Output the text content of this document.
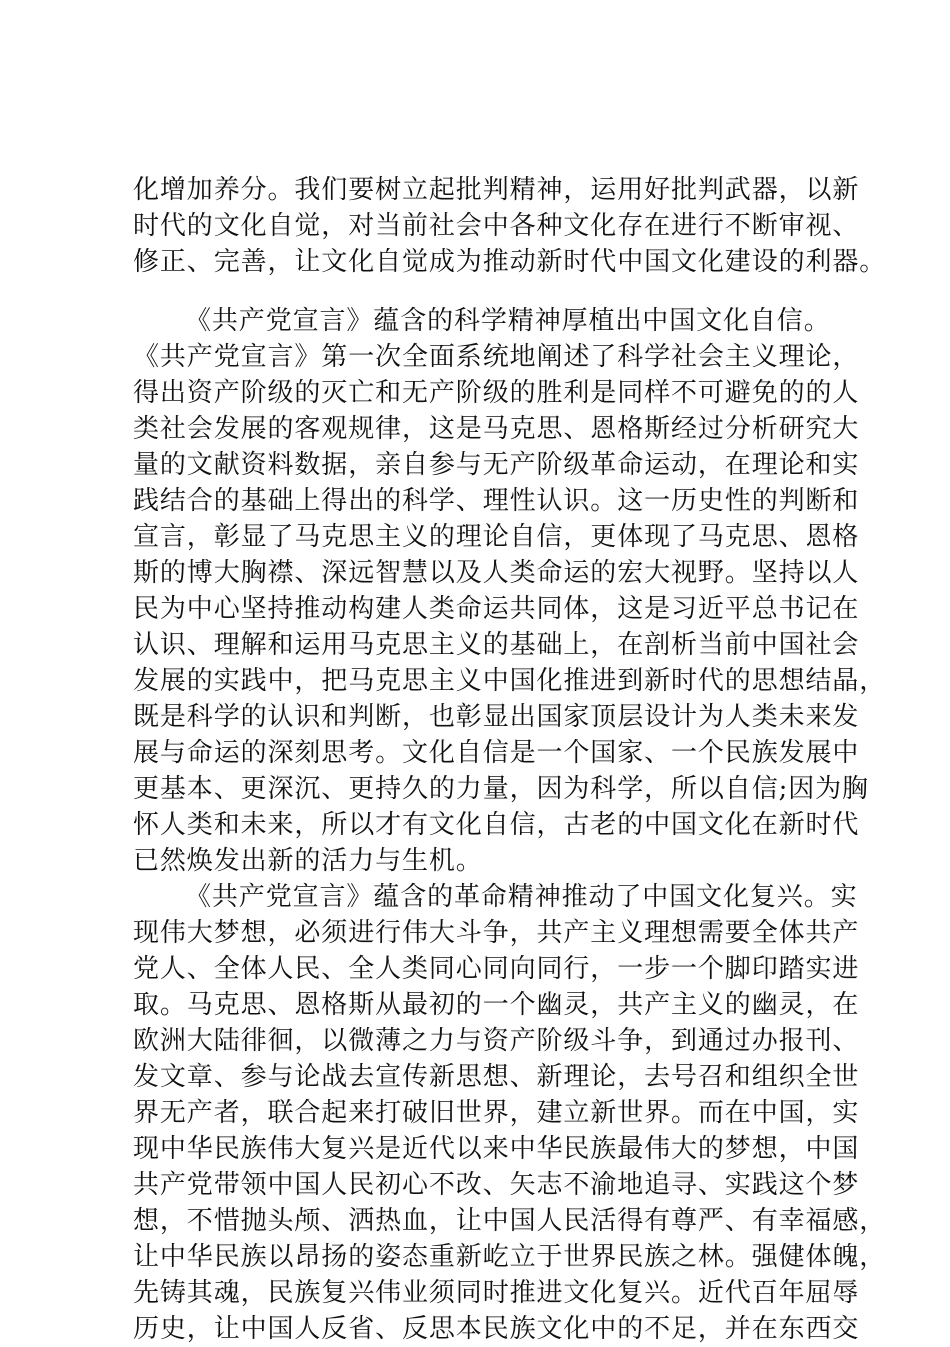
化增加养分。我们要树立起批判精神，运用好批判武器，以新
时代的文化自觉，对当前社会中各种文化存在进行不断审视、
修正、完善，让文化自觉成为推动新时代中国文化建设的利器。
《共产党宣言》蕴含的科学精神厚植出中国文化自信。
《共产党宣言》第一次全面系统地阐述了科学社会主义理论，
得出资产阶级的灭亡和无产阶级的胜利是同样不可避免的的人
类社会发展的客观规律，这是马克思、恩格斯经过分析研究大
量的文献资料数据，亲自参与无产阶级革命运动，在理论和实
践结合的基础上得出的科学、理性认识。这一历史性的判断和
宣言，彰显了马克思主义的理论自信，更体现了马克思、恩格
斯的博大胸襟、深远智慧以及人类命运的宏大视野。坚持以人
民为中心坚持推动构建人类命运共同体，这是习近平总书记在
认识、理解和运用马克思主义的基础上，在剖析当前中国社会
发展的实践中，把马克思主义中国化推进到新时代的思想结晶，
既是科学的认识和判断，也彰显出国家顶层设计为人类未来发
展与命运的深刻思考。文化自信是一个国家、一个民族发展中
更基本、更深沉、更持久的力量，因为科学，所以自信;因为胸
怀人类和未来，所以才有文化自信，古老的中国文化在新时代
已然焕发出新的活力与生机。
《共产党宣言》蕴含的革命精神推动了中国文化复兴。实
现伟大梦想，必须进行伟大斗争，共产主义理想需要全体共产
党人、全体人民、全人类同心同向同行，一步一个脚印踏实进
取。马克思、恩格斯从最初的一个幽灵，共产主义的幽灵，在
欧洲大陆徘徊，以微薄之力与资产阶级斗争，到通过办报刊、
发文章、参与论战去宣传新思想、新理论，去号召和组织全世
界无产者，联合起来打破旧世界，建立新世界。而在中国，实
现中华民族伟大复兴是近代以来中华民族最伟大的梦想，中国
共产党带领中国人民初心不改、矢志不渝地追寻、实践这个梦
想，不惜抛头颅、洒热血，让中国人民活得有尊严、有幸福感，
让中华民族以昂扬的姿态重新屹立于世界民族之林。强健体魄，
先铸其魂，民族复兴伟业须同时推进文化复兴。近代百年屈辱
历史，让中国人反省、反思本民族文化中的不足，并在东西交
